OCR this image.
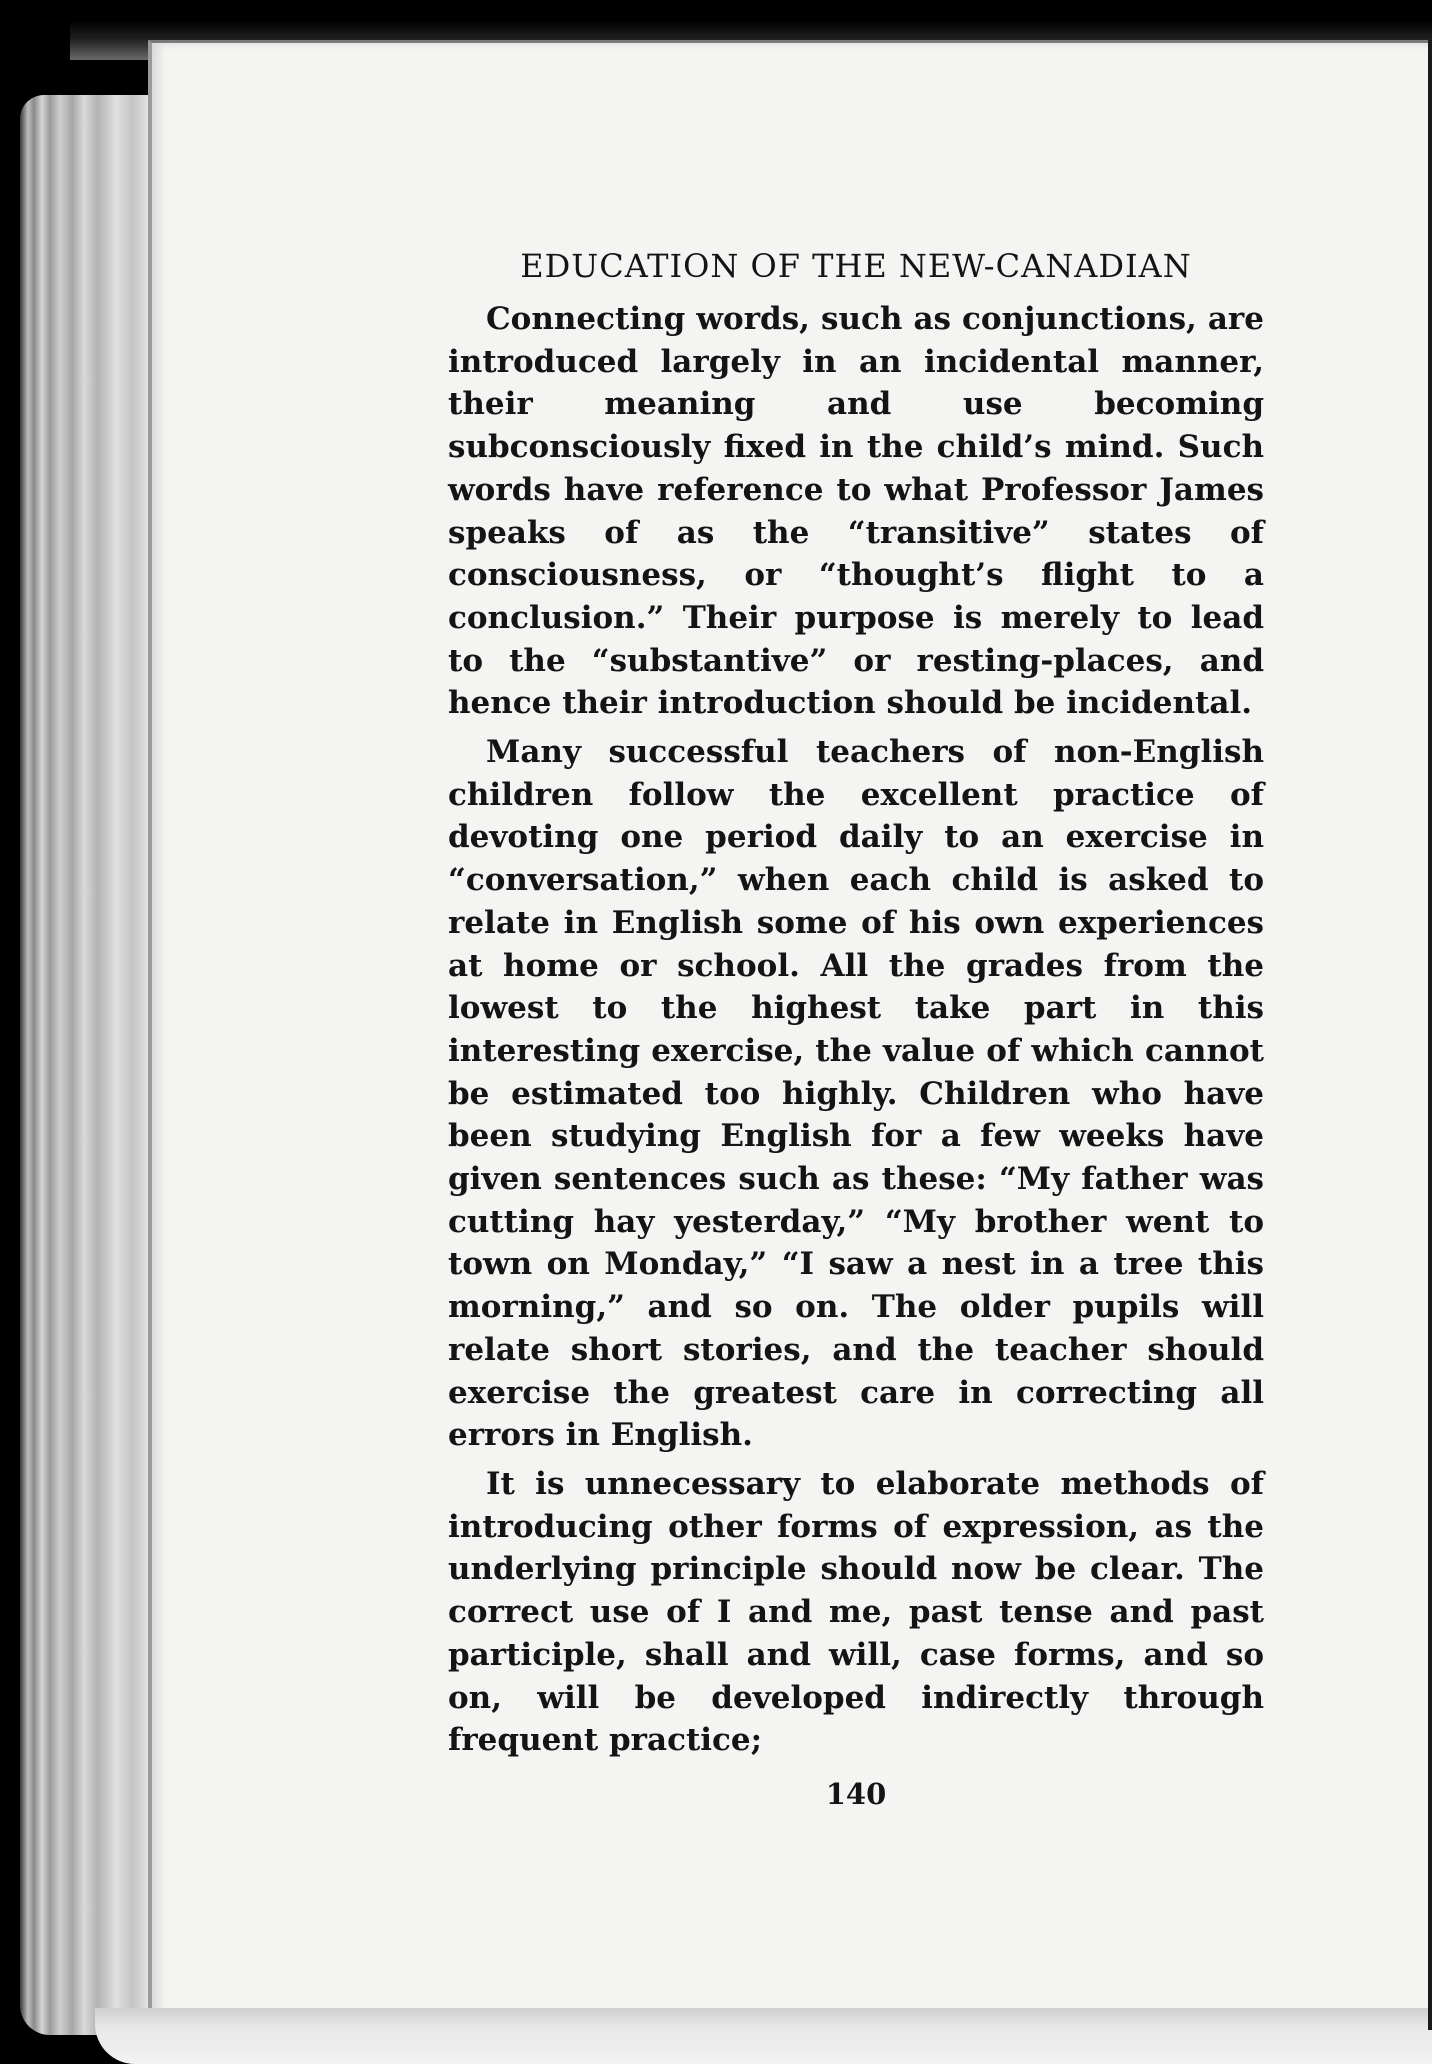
EDUCATION OF THE NEW-CANADIAN

Connecting words, such as conjunctions, are introduced largely in an incidental manner, their meaning and use becoming subconsciously fixed in the child’s mind. Such words have reference to what Professor James speaks of as the “transitive” states of consciousness, or “thought’s flight to a conclusion.” Their purpose is merely to lead to the “substantive” or resting-places, and hence their introduction should be incidental.

Many successful teachers of non-English children follow the excellent practice of devoting one period daily to an exercise in “conversation,” when each child is asked to relate in English some of his own experiences at home or school. All the grades from the lowest to the highest take part in this interesting exercise, the value of which cannot be estimated too highly. Children who have been studying English for a few weeks have given sentences such as these: “My father was cutting hay yesterday,” “My brother went to town on Monday,” “I saw a nest in a tree this morning,” and so on. The older pupils will relate short stories, and the teacher should exercise the greatest care in correcting all errors in English.

It is unnecessary to elaborate methods of introducing other forms of expression, as the underlying principle should now be clear. The correct use of I and me, past tense and past participle, shall and will, case forms, and so on, will be developed indirectly through frequent practice;

140
